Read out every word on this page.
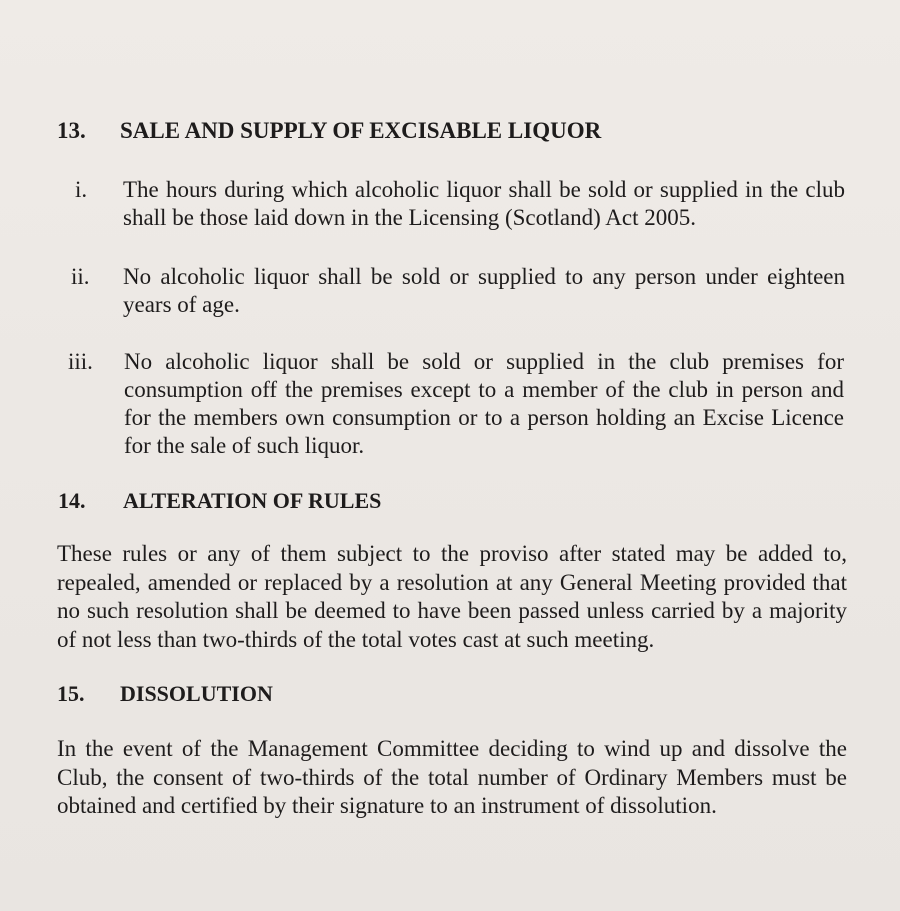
13. SALE AND SUPPLY OF EXCISABLE LIQUOR
i. The hours during which alcoholic liquor shall be sold or supplied in the club shall be those laid down in the Licensing (Scotland) Act 2005.
ii. No alcoholic liquor shall be sold or supplied to any person under eighteen years of age.
iii. No alcoholic liquor shall be sold or supplied in the club premises for consumption off the premises except to a member of the club in person and for the members own consumption or to a person holding an Excise Licence for the sale of such liquor.
14. ALTERATION OF RULES
These rules or any of them subject to the proviso after stated may be added to, repealed, amended or replaced by a resolution at any General Meeting provided that no such resolution shall be deemed to have been passed unless carried by a majority of not less than two-thirds of the total votes cast at such meeting.
15. DISSOLUTION
In the event of the Management Committee deciding to wind up and dissolve the Club, the consent of two-thirds of the total number of Ordinary Members must be obtained and certified by their signature to an instrument of dissolution.
